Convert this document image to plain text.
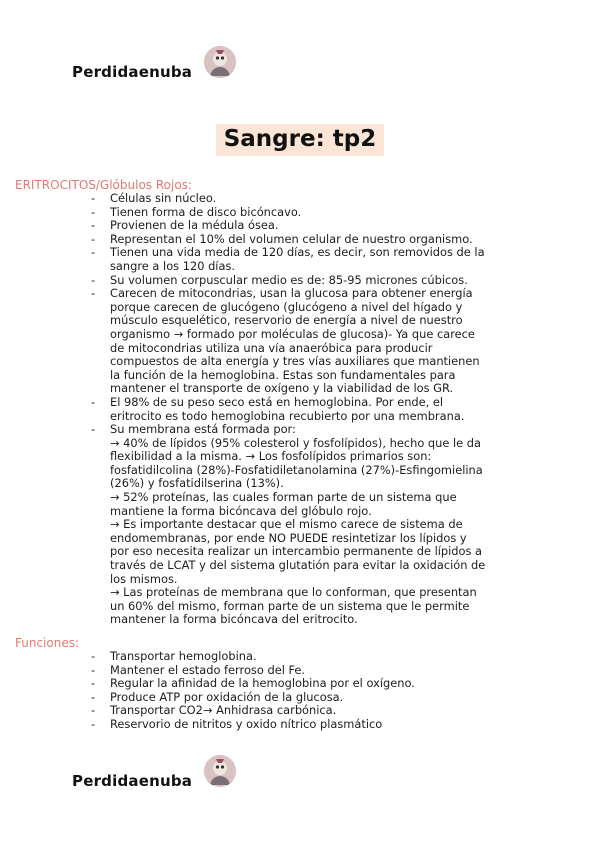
Perdidaenuba
Sangre: tp2
ERITROCITOS/Glóbulos Rojos:
- Células sin núcleo.
- Tienen forma de disco bicóncavo.
- Provienen de la médula ósea.
- Representan el 10% del volumen celular de nuestro organismo.
- Tienen una vida media de 120 días, es decir, son removidos de la
sangre a los 120 días.
- Su volumen corpuscular medio es de: 85-95 micrones cúbicos.
- Carecen de mitocondrias, usan la glucosa para obtener energía
porque carecen de glucógeno (glucógeno a nivel del hígado y
músculo esquelético, reservorio de energía a nivel de nuestro
organismo → formado por moléculas de glucosa)- Ya que carece
de mitocondrias utiliza una vía anaeróbica para producir
compuestos de alta energía y tres vías auxiliares que mantienen
la función de la hemoglobina. Estas son fundamentales para
mantener el transporte de oxígeno y la viabilidad de los GR.
- El 98% de su peso seco está en hemoglobina. Por ende, el
eritrocito es todo hemoglobina recubierto por una membrana.
- Su membrana está formada por:
→ 40% de lípidos (95% colesterol y fosfolípidos), hecho que le da
flexibilidad a la misma. → Los fosfolípidos primarios son:
fosfatidilcolina (28%)-Fosfatidiletanolamina (27%)-Esfingomielina
(26%) y fosfatidilserina (13%).
→ 52% proteínas, las cuales forman parte de un sistema que
mantiene la forma bicóncava del glóbulo rojo.
→ Es importante destacar que el mismo carece de sistema de
endomembranas, por ende NO PUEDE resintetizar los lípidos y
por eso necesita realizar un intercambio permanente de lípidos a
través de LCAT y del sistema glutatión para evitar la oxidación de
los mismos.
→ Las proteínas de membrana que lo conforman, que presentan
un 60% del mismo, forman parte de un sistema que le permite
mantener la forma bicóncava del eritrocito.
Funciones:
- Transportar hemoglobina.
- Mantener el estado ferroso del Fe.
- Regular la afinidad de la hemoglobina por el oxígeno.
- Produce ATP por oxidación de la glucosa.
- Transportar CO2→ Anhidrasa carbónica.
- Reservorio de nitritos y oxido nítrico plasmático
Perdidaenuba
